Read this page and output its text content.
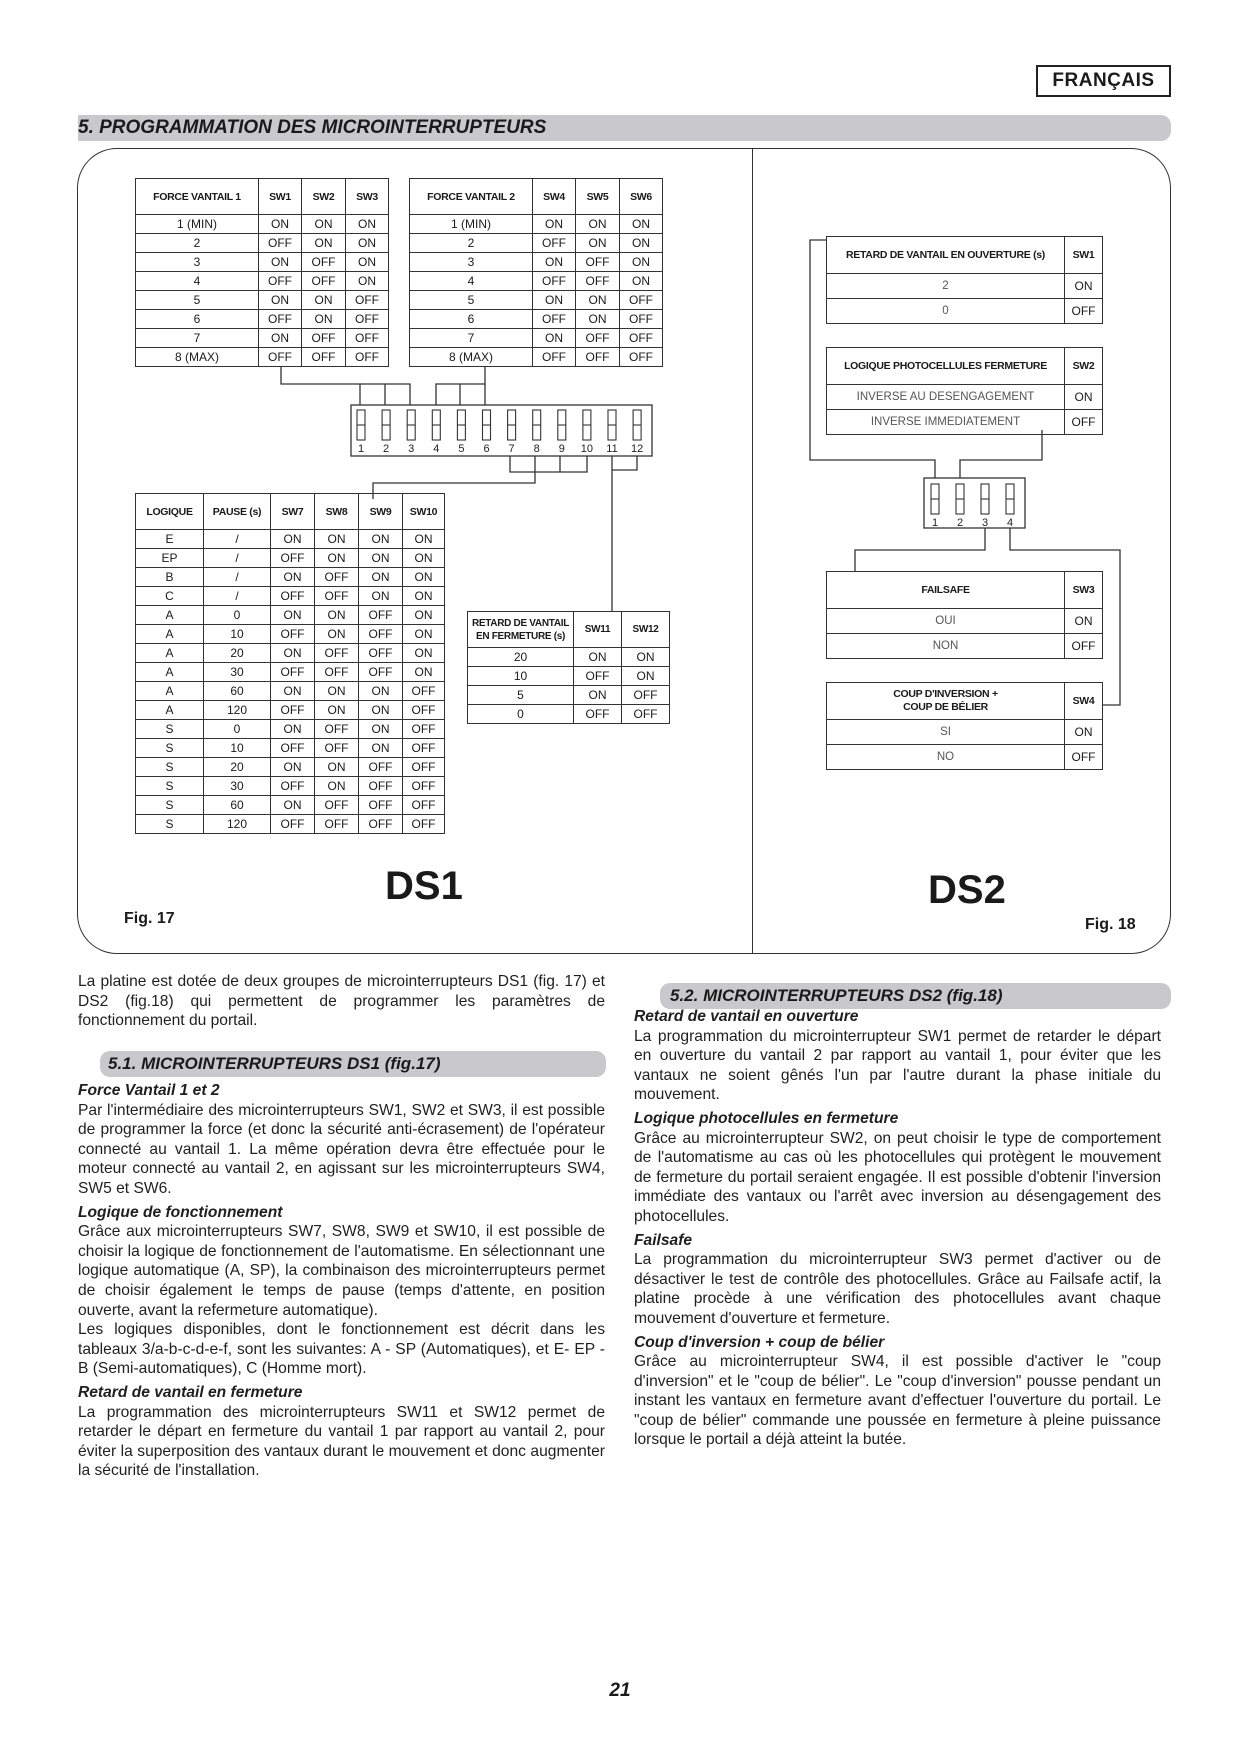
FRANÇAIS
5. PROGRAMMATION DES MICROINTERRUPTEURS
1 2 3 4 5 6 7 8 9 10 11 12
1 2 3 4
FORCE VANTAIL 1	SW1	SW2	SW3
1 (MIN)	ON	ON	ON
2	OFF	ON	ON
3	ON	OFF	ON
4	OFF	OFF	ON
5	ON	ON	OFF
6	OFF	ON	OFF
7	ON	OFF	OFF
8 (MAX)	OFF	OFF	OFF
FORCE VANTAIL 2	SW4	SW5	SW6
1 (MIN)	ON	ON	ON
2	OFF	ON	ON
3	ON	OFF	ON
4	OFF	OFF	ON
5	ON	ON	OFF
6	OFF	ON	OFF
7	ON	OFF	OFF
8 (MAX)	OFF	OFF	OFF
LOGIQUE	PAUSE (s)	SW7	SW8	SW9	SW10
E	/	ON	ON	ON	ON
EP	/	OFF	ON	ON	ON
B	/	ON	OFF	ON	ON
C	/	OFF	OFF	ON	ON
A	0	ON	ON	OFF	ON
A	10	OFF	ON	OFF	ON
A	20	ON	OFF	OFF	ON
A	30	OFF	OFF	OFF	ON
A	60	ON	ON	ON	OFF
A	120	OFF	ON	ON	OFF
S	0	ON	OFF	ON	OFF
S	10	OFF	OFF	ON	OFF
S	20	ON	ON	OFF	OFF
S	30	OFF	ON	OFF	OFF
S	60	ON	OFF	OFF	OFF
S	120	OFF	OFF	OFF	OFF
RETARD DE VANTAIL EN FERMETURE (s)	SW11	SW12
20	ON	ON
10	OFF	ON
5	ON	OFF
0	OFF	OFF
RETARD DE VANTAIL EN OUVERTURE (s)	SW1
2	ON
0	OFF
LOGIQUE PHOTOCELLULES FERMETURE	SW2
INVERSE AU DESENGAGEMENT	ON
INVERSE IMMEDIATEMENT	OFF
FAILSAFE	SW3
OUI	ON
NON	OFF
COUP D'INVERSION + COUP DE BÉLIER	SW4
SI	ON
NO	OFF
DS1	DS2
Fig. 17	Fig. 18

La platine est dotée de deux groupes de microinterrupteurs DS1 (fig. 17) et DS2 (fig.18) qui permettent de programmer les paramètres de fonctionnement du portail.

5.1. MICROINTERRUPTEURS DS1 (fig.17)

Force Vantail 1 et 2

Par l'intermédiaire des microinterrupteurs SW1, SW2 et SW3, il est possible de programmer la force (et donc la sécurité anti-écrasement) de l'opérateur connecté au vantail 1. La même opération devra être effectuée pour le moteur connecté au vantail 2, en agissant sur les microinterrupteurs SW4, SW5 et SW6.

Logique de fonctionnement

Grâce aux microinterrupteurs SW7, SW8, SW9 et SW10, il est possible de choisir la logique de fonctionnement de l'automatisme. En sélectionnant une logique automatique (A, SP), la combinaison des microinterrupteurs permet de choisir également le temps de pause (temps d'attente, en position ouverte, avant la refermeture automatique).

Les logiques disponibles, dont le fonctionnement est décrit dans les tableaux 3/a-b-c-d-e-f, sont les suivantes: A - SP (Automatiques), et E- EP - B (Semi-automatiques), C (Homme mort).

Retard de vantail en fermeture

La programmation des microinterrupteurs SW11 et SW12 permet de retarder le départ en fermeture du vantail 1 par rapport au vantail 2, pour éviter la superposition des vantaux durant le mouvement et donc augmenter la sécurité de l'installation.

5.2. MICROINTERRUPTEURS DS2 (fig.18)

Retard de vantail en ouverture

La programmation du microinterrupteur SW1 permet de retarder le départ en ouverture du vantail 2 par rapport au vantail 1, pour éviter que les vantaux ne soient gênés l'un par l'autre durant la phase initiale du mouvement.

Logique photocellules en fermeture

Grâce au microinterrupteur SW2, on peut choisir le type de comportement de l'automatisme au cas où les photocellules qui protègent le mouvement de fermeture du portail seraient engagée. Il est possible d'obtenir l'inversion immédiate des vantaux ou l'arrêt avec inversion au désengagement des photocellules.

Failsafe

La programmation du microinterrupteur SW3 permet d'activer ou de désactiver le test de contrôle des photocellules. Grâce au Failsafe actif, la platine procède à une vérification des photocellules avant chaque mouvement d'ouverture et fermeture.

Coup d'inversion + coup de bélier

Grâce au microinterrupteur SW4, il est possible d'activer le "coup d'inversion" et le "coup de bélier". Le "coup d'inversion" pousse pendant un instant les vantaux en fermeture avant d'effectuer l'ouverture du portail. Le "coup de bélier" commande une poussée en fermeture à pleine puissance lorsque le portail a déjà atteint la butée.

21
